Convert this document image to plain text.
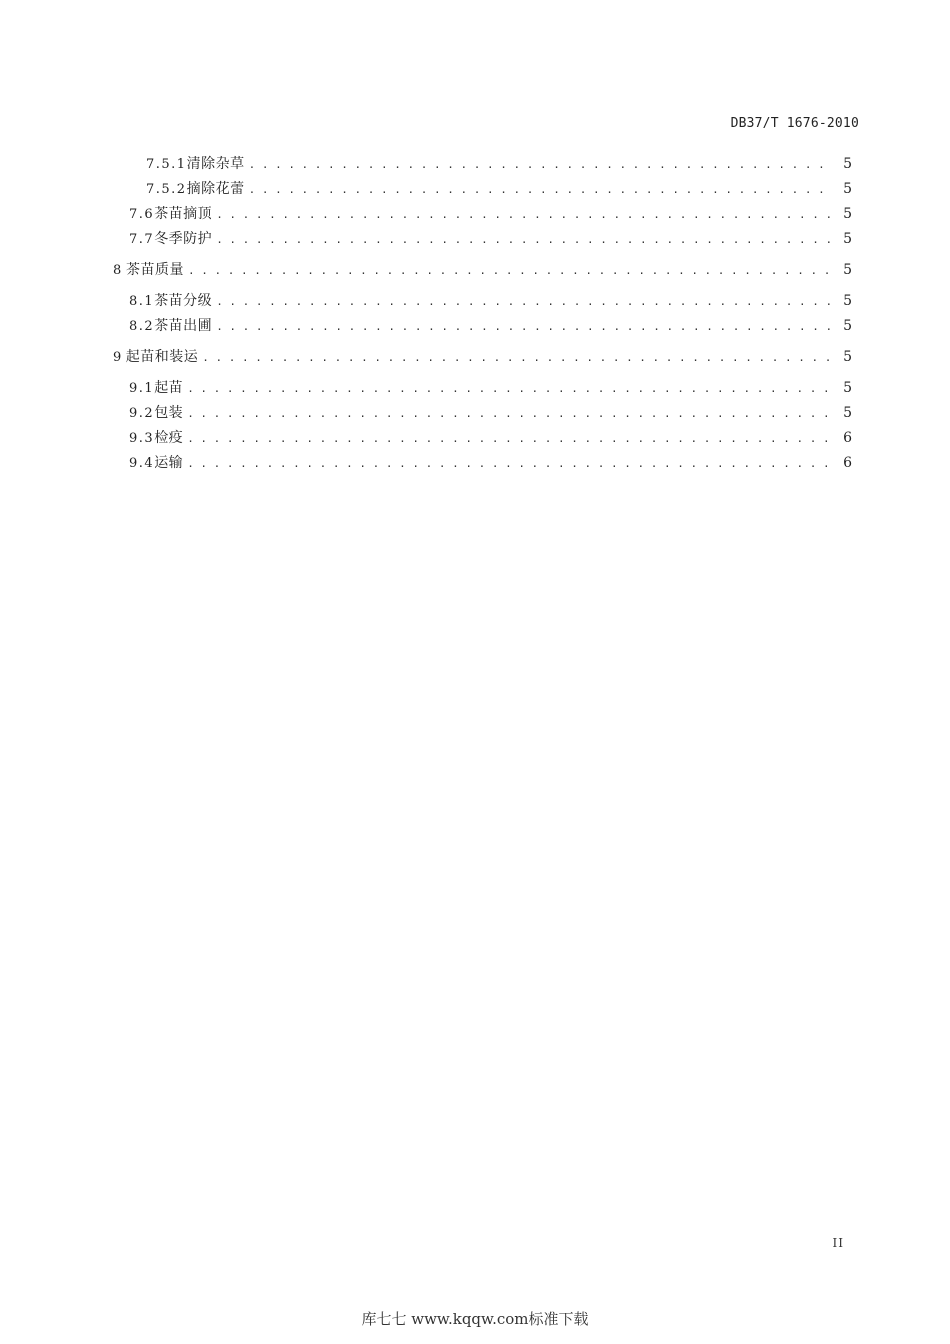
DB37/T 1676-2010
7.5.1 清除杂草 . . .	5
7.5.2 摘除花蕾 . . .	5
7.6 茶苗摘顶 . . .	5
7.7 冬季防护 . . .	5
8 茶苗质量 . . .	5
8.1 茶苗分级 . . .	5
8.2 茶苗出圃 . . .	5
9 起苗和装运 . . .	5
9.1 起苗 . . .	5
9.2 包装 . . .	5
9.3 检疫 . . .	6
9.4 运输 . . .	6
II
库七七 www.kqqw.com标准下载
